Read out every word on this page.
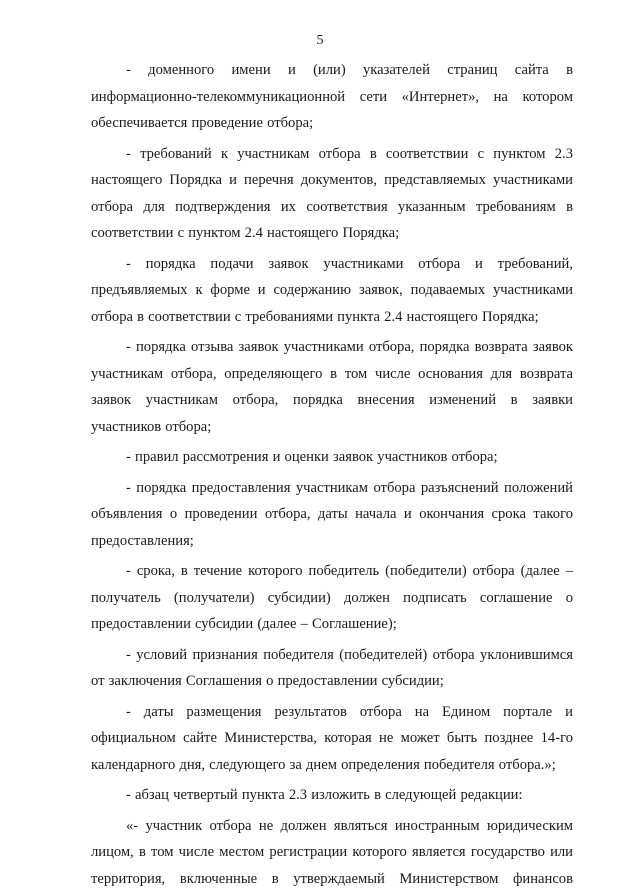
5

- доменного имени и (или) указателей страниц сайта в информационно-телекоммуникационной сети «Интернет», на котором обеспечивается проведение отбора;

- требований к участникам отбора в соответствии с пунктом 2.3 настоящего Порядка и перечня документов, представляемых участниками отбора для подтверждения их соответствия указанным требованиям в соответствии с пунктом 2.4 настоящего Порядка;

- порядка подачи заявок участниками отбора и требований, предъявляемых к форме и содержанию заявок, подаваемых участниками отбора в соответствии с требованиями пункта 2.4 настоящего Порядка;

- порядка отзыва заявок участниками отбора, порядка возврата заявок участникам отбора, определяющего в том числе основания для возврата заявок участникам отбора, порядка внесения изменений в заявки участников отбора;

- правил рассмотрения и оценки заявок участников отбора;

- порядка предоставления участникам отбора разъяснений положений объявления о проведении отбора, даты начала и окончания срока такого предоставления;

- срока, в течение которого победитель (победители) отбора (далее – получатель (получатели) субсидии) должен подписать соглашение о предоставлении субсидии (далее – Соглашение);

- условий признания победителя (победителей) отбора уклонившимся от заключения Соглашения о предоставлении субсидии;

- даты размещения результатов отбора на Едином портале и официальном сайте Министерства, которая не может быть позднее 14-го календарного дня, следующего за днем определения победителя отбора.»;

- абзац четвертый пункта 2.3 изложить в следующей редакции:

«- участник отбора не должен являться иностранным юридическим лицом, в том числе местом регистрации которого является государство или территория, включенные в утверждаемый Министерством финансов
